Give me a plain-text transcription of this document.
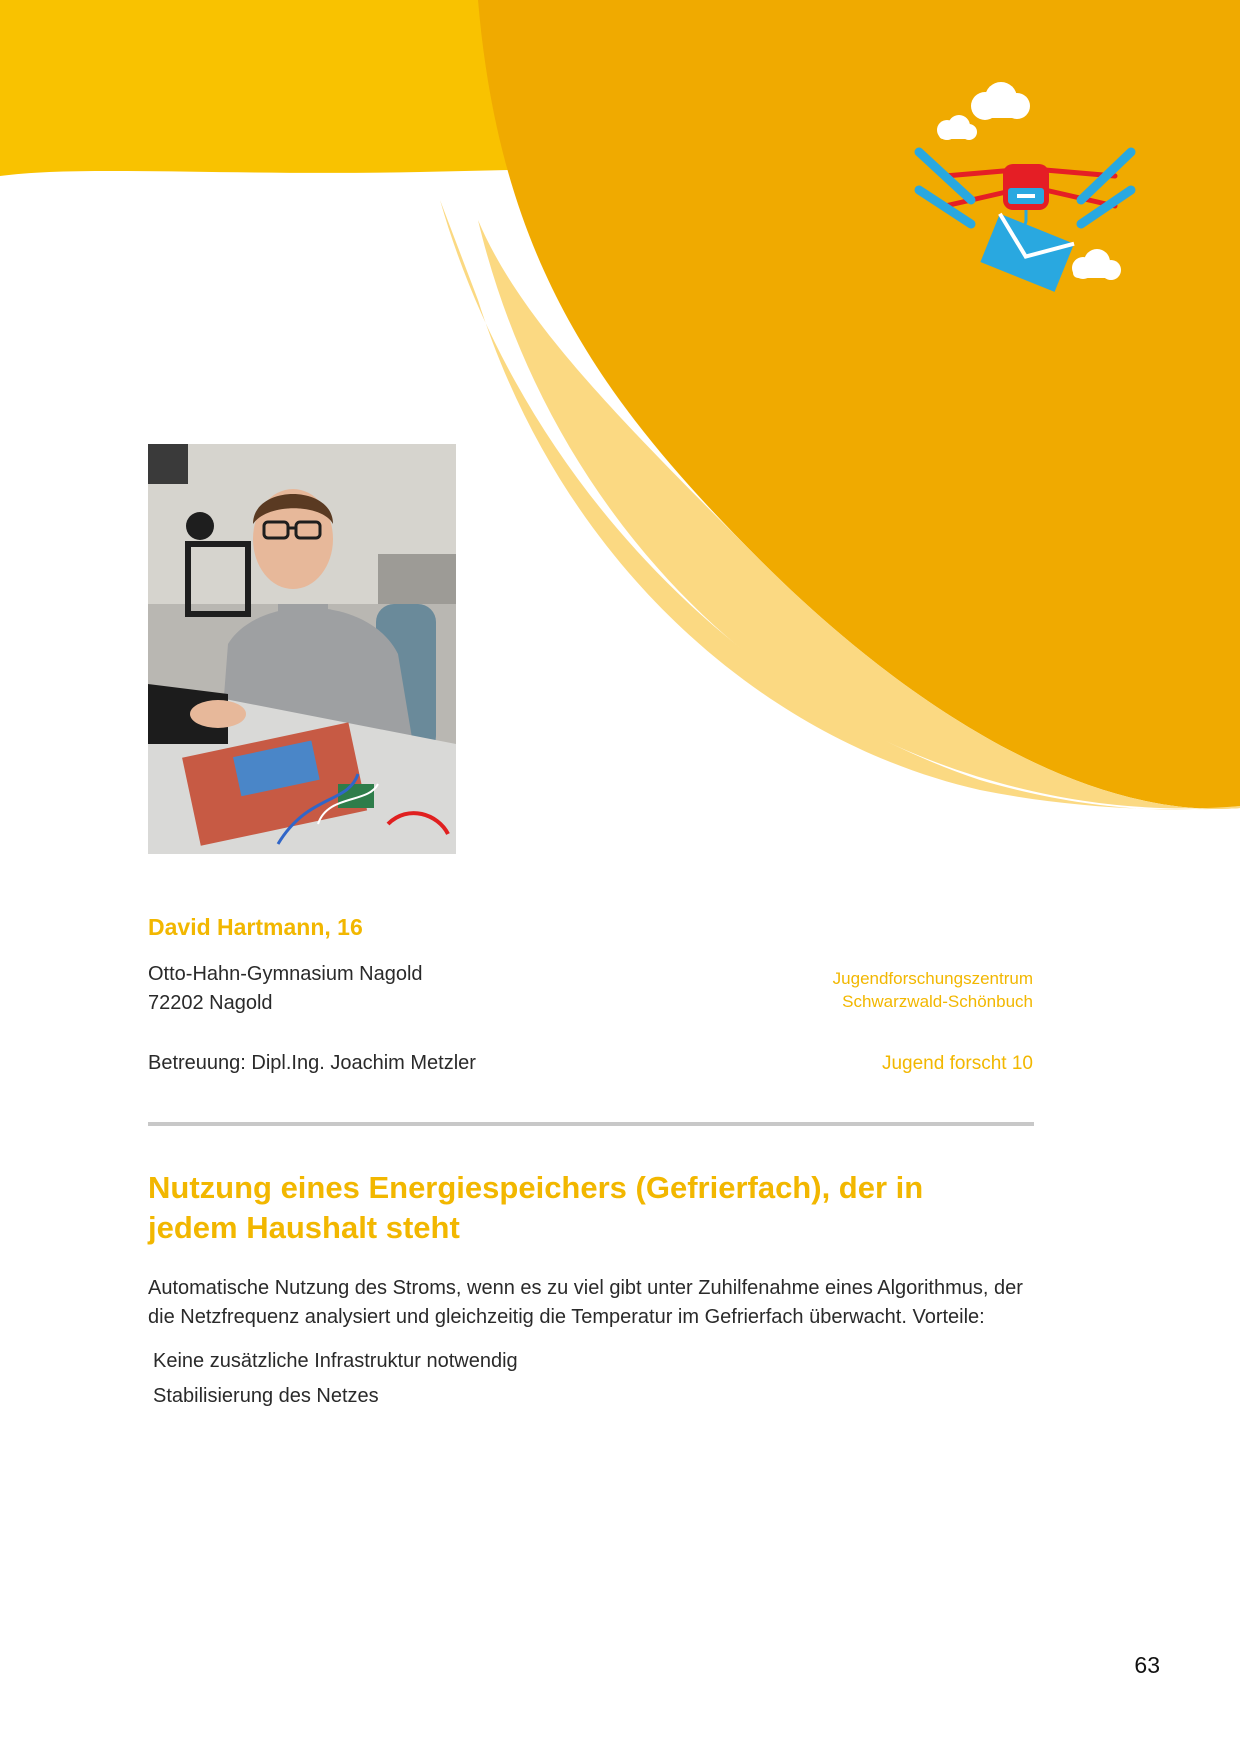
David Hartmann, 16
Otto-Hahn-Gymnasium Nagold
72202 Nagold
Jugendforschungszentrum
Schwarzwald-Schönbuch
Betreuung: Dipl.Ing. Joachim Metzler	Jugend forscht 10
Nutzung eines Energiespeichers (Gefrierfach), der in
jedem Haushalt steht
Automatische Nutzung des Stroms, wenn es zu viel gibt unter Zuhilfenahme eines Algorithmus, der
die Netzfrequenz analysiert und gleichzeitig die Temperatur im Gefrierfach überwacht. Vorteile:
Keine zusätzliche Infrastruktur notwendig
Stabilisierung des Netzes
63
